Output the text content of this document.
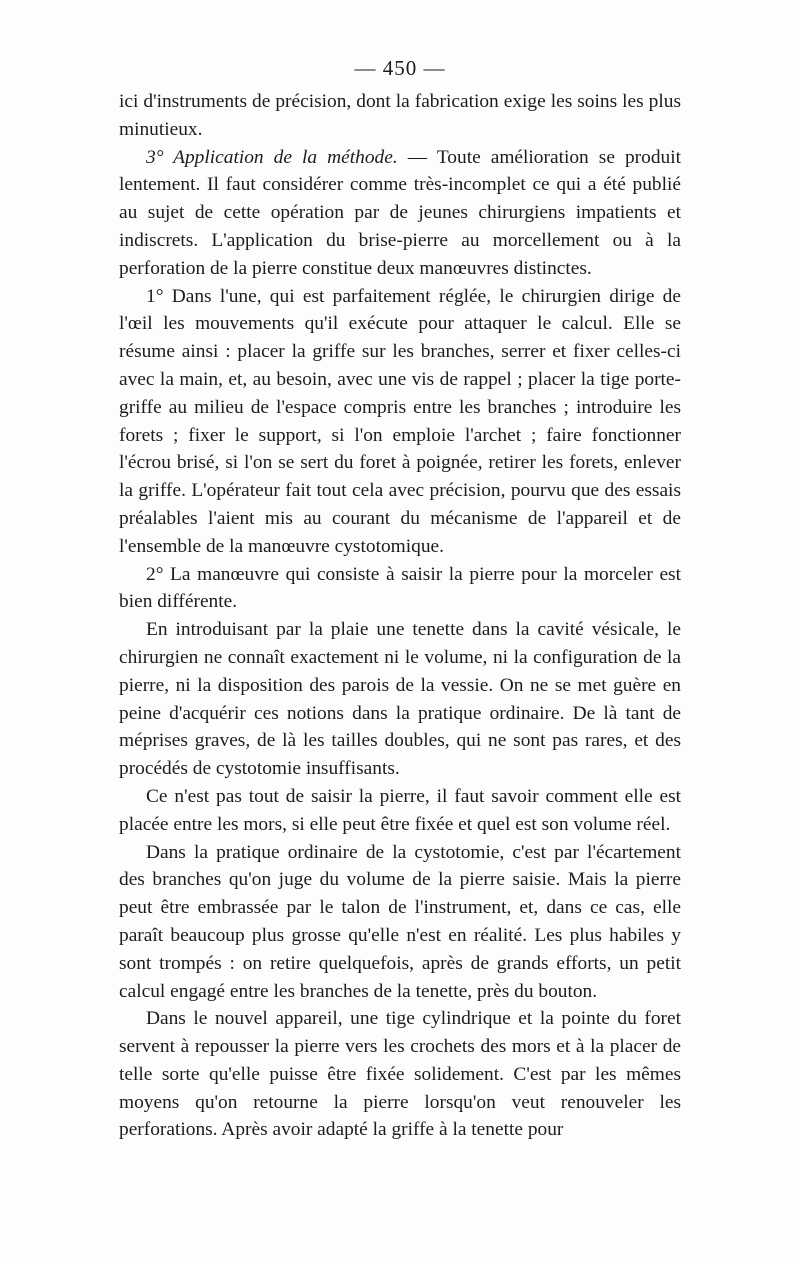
— 450 —

ici d'instruments de précision, dont la fabrication exige les soins les plus minutieux.

3° Application de la méthode. — Toute amélioration se produit lentement. Il faut considérer comme très-incomplet ce qui a été publié au sujet de cette opération par de jeunes chirurgiens impatients et indiscrets. L'application du brise-pierre au morcellement ou à la perforation de la pierre constitue deux manœuvres distinctes.

1° Dans l'une, qui est parfaitement réglée, le chirurgien dirige de l'œil les mouvements qu'il exécute pour attaquer le calcul. Elle se résume ainsi : placer la griffe sur les branches, serrer et fixer celles-ci avec la main, et, au besoin, avec une vis de rappel ; placer la tige porte-griffe au milieu de l'espace compris entre les branches ; introduire les forets ; fixer le support, si l'on emploie l'archet ; faire fonctionner l'écrou brisé, si l'on se sert du foret à poignée, retirer les forets, enlever la griffe. L'opérateur fait tout cela avec précision, pourvu que des essais préalables l'aient mis au courant du mécanisme de l'appareil et de l'ensemble de la manœuvre cystotomique.

2° La manœuvre qui consiste à saisir la pierre pour la morceler est bien différente.

En introduisant par la plaie une tenette dans la cavité vésicale, le chirurgien ne connaît exactement ni le volume, ni la configuration de la pierre, ni la disposition des parois de la vessie. On ne se met guère en peine d'acquérir ces notions dans la pratique ordinaire. De là tant de méprises graves, de là les tailles doubles, qui ne sont pas rares, et des procédés de cystotomie insuffisants.

Ce n'est pas tout de saisir la pierre, il faut savoir comment elle est placée entre les mors, si elle peut être fixée et quel est son volume réel.

Dans la pratique ordinaire de la cystotomie, c'est par l'écartement des branches qu'on juge du volume de la pierre saisie. Mais la pierre peut être embrassée par le talon de l'instrument, et, dans ce cas, elle paraît beaucoup plus grosse qu'elle n'est en réalité. Les plus habiles y sont trompés : on retire quelquefois, après de grands efforts, un petit calcul engagé entre les branches de la tenette, près du bouton.

Dans le nouvel appareil, une tige cylindrique et la pointe du foret servent à repousser la pierre vers les crochets des mors et à la placer de telle sorte qu'elle puisse être fixée solidement. C'est par les mêmes moyens qu'on retourne la pierre lorsqu'on veut renouveler les perforations. Après avoir adapté la griffe à la tenette pour
